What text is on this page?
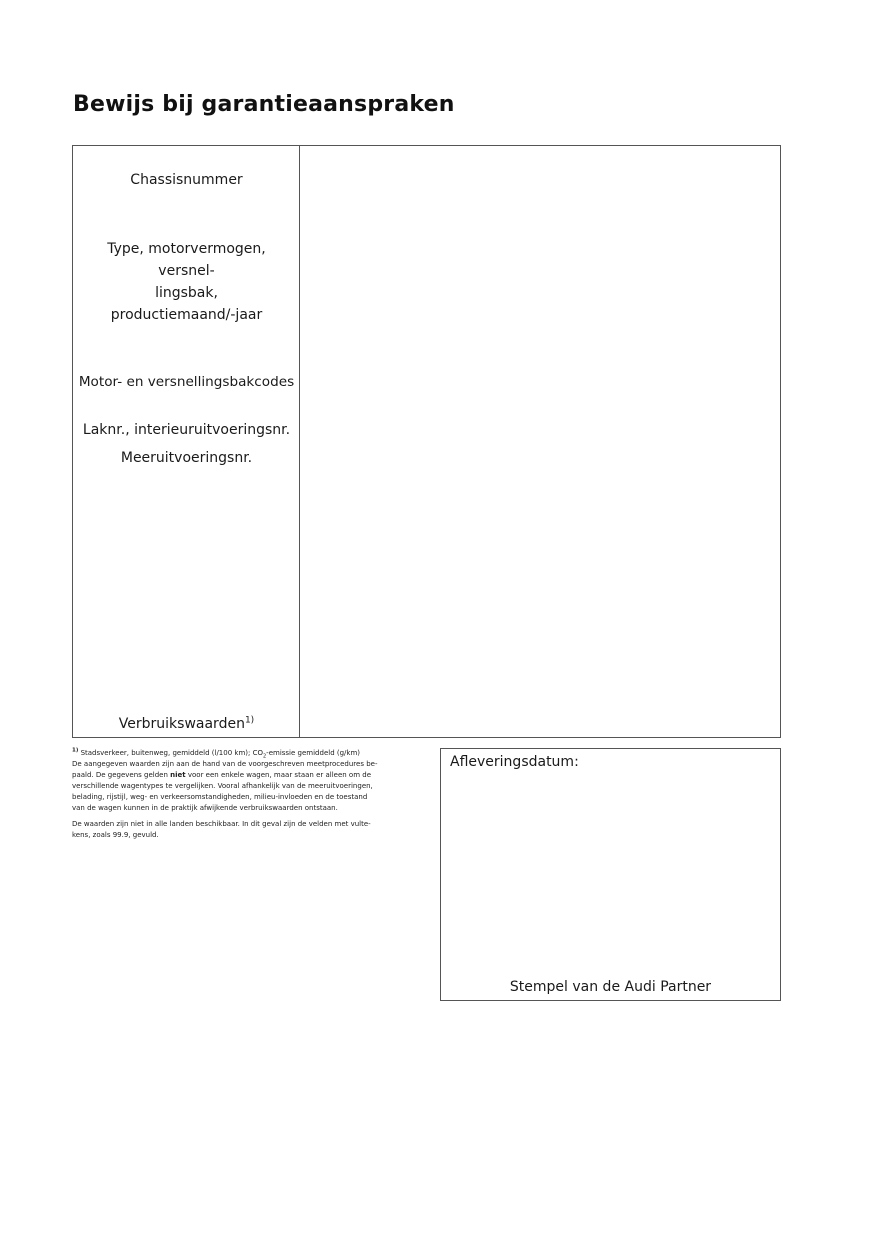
Bewijs bij garantieaanspraken
Chassisnummer
Type, motorvermogen, versnel-
lingsbak,
productiemaand/-jaar
Motor- en versnellingsbakcodes
Laknr., interieuruitvoeringsnr.
Meeruitvoeringsnr.
Verbruikswaarden$^{1)}$

$^{1)}$ Stadsverkeer, buitenweg, gemiddeld (l/100 km); $CO_2$-emissie gemiddeld (g/km)
De aangegeven waarden zijn aan de hand van de voorgeschreven meetprocedures be-
paald. De gegevens gelden niet voor een enkele wagen, maar staan er alleen om de
verschillende wagentypes te vergelijken. Vooral afhankelijk van de meeruitvoeringen,
belading, rijstijl, weg- en verkeersomstandigheden, milieu-invloeden en de toestand
van de wagen kunnen in de praktijk afwijkende verbruikswaarden ontstaan.

De waarden zijn niet in alle landen beschikbaar. In dit geval zijn de velden met vulte-
kens, zoals 99.9, gevuld.

Afleveringsdatum:
Stempel van de Audi Partner
